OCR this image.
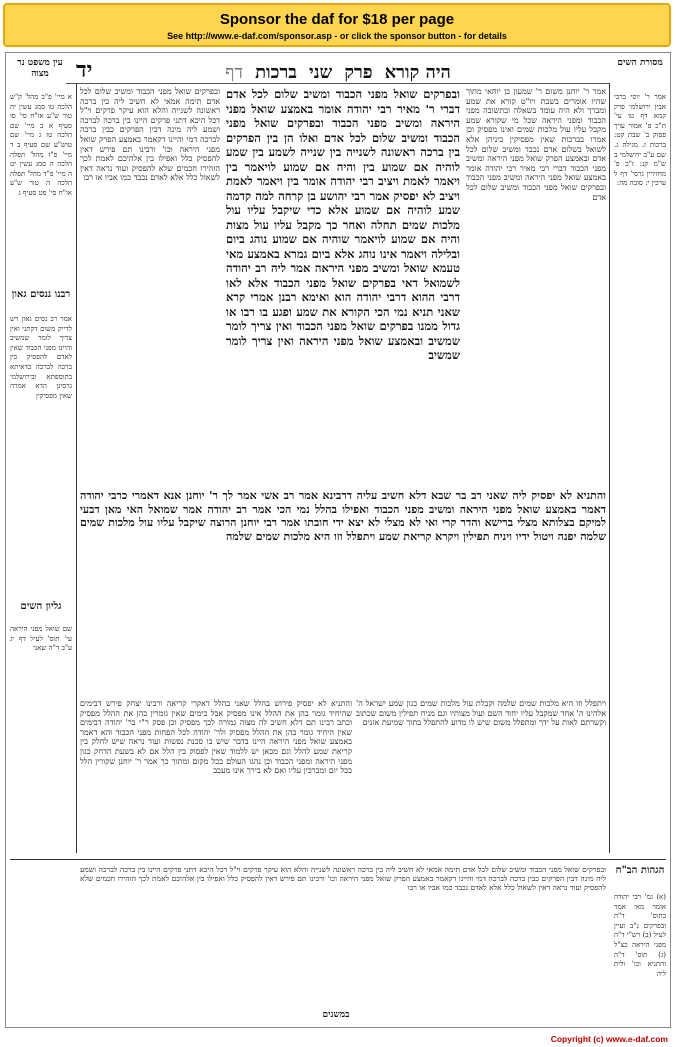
Sponsor the daf for $18 per page
See http://www.e-daf.com/sponsor.asp - or click the sponsor button - for details
היה קורא
פרק
שני
ברכות
דף
יד	מסורת השים
אמר ר' יוסי ברבי אבין ירושלמי פרק קמא דף טו עי' ת"כ פ' אמור ערך פסוק ב' שבת קט: ברכות ז. מגילה ג. שם ע"ב ירושלמי ב ש"מ קנ: ז"כ פ' מחזירין גרסי' דף ל ערכין י: סוכה מה:
עין משפט נר מצוה
א מיי' פ"ב מהל' ק"ש הלכה טו סמג עשין יח טור ש"ע או"ח סי' סו סעיף א ב מיי' שם הלכה טז ג מיי' שם טוש"ע שם סעיף ב ד מיי' פ"ז מהל' תפלה הלכה ה סמג עשין יט ה מיי' פ"ד מהל' תפלה הלכה ה טור ש"ע או"ח סי' פט סעיף ג
רבנו ננסים גאון
אמר רב נסים גאון ויש לדייק משום דקתני ואין צריך לומר שמשיב והיינו מפני הכבוד שאין לאדם להפסיק בין ברכה לברכה כדאיתא בתוספתא ובירושלמי גרסינן הדא אמרה שאין מפסיקין
גליון השים
שם שואל מפני היראה עי' תוס' לעיל דף יג ע"ב ד"ה שאני
אמר ר' יוחנן משום ר' שמעון בן יוחאי מתוך שהיו אומרים בשבת ויו"ט קורא את שמע ומברך ולא היה עומד בשאלה ובתשובה מפני הכבוד ומפני היראה שכל מי שקורא שמע מקבל עליו עול מלכות שמים ואינו מפסיק וכן אמרו בברכות שאין מפסיקין ביניהן אלא לשואל בשלום אדם נכבד ומשיב שלום לכל אדם ובאמצע הפרק שואל מפני היראה ומשיב מפני הכבוד דברי רבי מאיר רבי יהודה אומר באמצע שואל מפני היראה ומשיב מפני הכבוד ובפרקים שואל מפני הכבוד ומשיב שלום לכל אדם
ובפרקים שואל מפני הכבוד ומשיב שלום לכל אדם תימה אמאי לא חשיב ליה בין ברכה ראשונה לשנייה והלא הוא עיקר פרקים וי"ל דכל היכא דתני פרקים היינו בין ברכה לברכה ושמע ליה מינה דבין הפרקים כבין ברכה לברכה דמי והיינו דקאמר באמצע הפרק שואל מפני היראה וכו' ורבינו תם פירש דאין להפסיק כלל ואפילו בין אלהיכם לאמת לכך הזהירו חכמים שלא להפסיק ועוד נראה דאין לשאול כלל אלא לאדם נכבד כמו אביו או רבו
ובפרקים שואל מפני הכבוד ומשיב שלום לכל אדם דברי ר' מאיר רבי יהודה אומר באמצע שואל מפני היראה ומשיב מפני הכבוד ובפרקים שואל מפני הכבוד ומשיב שלום לכל אדם ואלו הן בין הפרקים בין ברכה ראשונה לשנייה בין שנייה לשמע בין שמע לוהיה אם שמוע בין והיה אם שמוע לויאמר בין ויאמר לאמת ויציב רבי יהודה אומר בין ויאמר לאמת ויציב לא יפסיק אמר רבי יהושע בן קרחה למה קדמה שמע לוהיה אם שמוע אלא כדי שיקבל עליו עול מלכות שמים תחלה ואחר כך מקבל עליו עול מצות והיה אם שמוע לויאמר שוהיה אם שמוע נוהג ביום ובלילה ויאמר אינו נוהג אלא ביום גמרא באמצע מאי טעמא שואל ומשיב מפני היראה אמר ליה רב יהודה לשמואל דאי בפרקים שואל מפני הכבוד אלא לאו דרבי ההוא דרבי יהודה הוא ואימא רבנן אמרי קרא שאני תניא נמי הכי הקורא את שמע ופגע בו רבו או גדול ממנו בפרקים שואל מפני הכבוד ואין צריך לומר שמשיב ובאמצע שואל מפני היראה ואין צריך לומר שמשיב
והתניא לא יפסיק ליה שאני רב בר שבא דלא חשיב עליה דרבינא אמר רב אשי אמר לך ר' יוחנן אנא דאמרי כרבי יהודה דאמר באמצע שואל מפני היראה ומשיב מפני הכבוד ואפילו בהלל נמי הכי אמר רב יהודה אמר שמואל האי מאן דבעי למיקם בצלותא מצלי ברישא והדר קרי ואי לא מצלי לא יצא ידי חובתו אמר רבי יוחנן הרוצה שיקבל עליו עול מלכות שמים שלמה יפנה ויטול ידיו ויניח תפילין ויקרא קריאת שמע ויתפלל וזו היא מלכות שמים שלמה
ויתפלל וזו היא מלכות שמים שלמה וקבלת עול מלכות שמים כגון שמע ישראל ה' אלהינו ה' אחד שמקבל עליו יחוד השם ועול מצותיו וגם מניח תפילין משום שכתוב וקשרתם לאות על ידך ומתפלל משום שיש לו מדוע להתפלל בתוך שמיעת אזנים
והתניא לא יפסיק פירוש בהלל שאני בהלל דאקרי קריאה ורבינו יצחק פירש דבימים שהיחיד גומר בהן את ההלל אינו מפסיק אבל בימים שאין גומרין בהן את ההלל מפסיק וכתב רבינו תם דלא חשיב לה מצוה גמורה לכך מפסיק וכן פסק ר"י בר' יהודה דבימים שאין היחיד גומר בהן את ההלל מפסיק ולר' יהודה לכל הפחות מפני הכבוד והא דאמר באמצע שואל מפני היראה היינו בדבר שיש בו סכנת נפשות ועוד נראה שיש לחלק בין קריאת שמע להלל וגם מכאן יש ללמוד שאין לפסוק בין הלל אם לא בשעת הדחק כגון מפני היראה ומפני הכבוד וכן נהגו העולם בכל מקום ומתוך כך אמר ר' יוחנן שקורין הלל בכל יום ומברכין עליו ואם לא בירך אינו מעכב
ובפרקים שואל מפני הכבוד ומשיב שלום לכל אדם תימה אמאי לא חשיב ליה בין ברכה ראשונה לשנייה והלא הוא עיקר פרקים וי"ל דכל היכא דתני פרקים היינו בין ברכה לברכה ושמע ליה מינה דבין הפרקים כבין ברכה לברכה דמי והיינו דקאמר באמצע הפרק שואל מפני היראה וכו' ורבינו תם פירש דאין להפסיק כלל ואפילו בין אלהיכם לאמת לכך הזהירו חכמים שלא להפסיק ועוד נראה דאין לשאול כלל אלא לאדם נכבד כמו אביו או רבו
הגהות הב"ח
(א) גמ' רבי יהודה אומר מאי אמר בתוס' ד"ה ובפרקים נ"ב ועיין לעיל (ב) רש"י ד"ה מפני היראה כצ"ל (ג) תוס' ד"ה והתניא וכו' ולית ליה
במשנים
Copyright (c) www.e-daf.com
